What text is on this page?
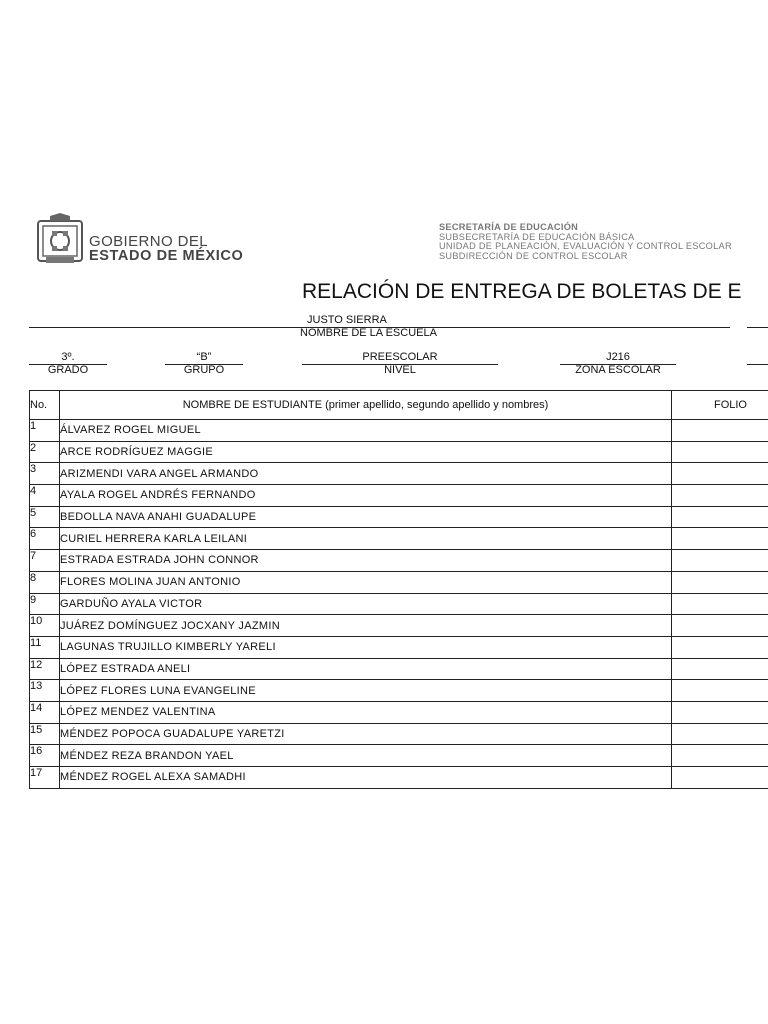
GOBIERNO DEL
ESTADO DE MÉXICO
SECRETARÍA DE EDUCACIÓN
SUBSECRETARÍA DE EDUCACIÓN BÁSICA
UNIDAD DE PLANEACIÓN, EVALUACIÓN Y CONTROL ESCOLAR
SUBDIRECCIÓN DE CONTROL ESCOLAR
RELACIÓN DE ENTREGA DE BOLETAS DE E
JUSTO SIERRA
NOMBRE DE LA ESCUELA
3º.
GRADO
“B”
GRUPO
PREESCOLAR
NIVEL
J216
ZONA ESCOLAR
No.	NOMBRE DE ESTUDIANTE (primer apellido, segundo apellido y nombres)	FOLIO
1	ÁLVAREZ ROGEL MIGUEL	
2	ARCE RODRÍGUEZ MAGGIE	
3	ARIZMENDI VARA ANGEL ARMANDO	
4	AYALA ROGEL ANDRÉS FERNANDO	
5	BEDOLLA NAVA ANAHI GUADALUPE	
6	CURIEL HERRERA KARLA LEILANI	
7	ESTRADA ESTRADA JOHN CONNOR	
8	FLORES MOLINA JUAN ANTONIO	
9	GARDUÑO AYALA VICTOR	
10	JUÁREZ DOMÍNGUEZ JOCXANY JAZMIN	
11	LAGUNAS TRUJILLO KIMBERLY YARELI	
12	LÓPEZ ESTRADA ANELI	
13	LÓPEZ FLORES LUNA EVANGELINE	
14	LÓPEZ MENDEZ VALENTINA	
15	MÉNDEZ POPOCA GUADALUPE YARETZI	
16	MÉNDEZ REZA BRANDON YAEL	
17	MÉNDEZ ROGEL ALEXA SAMADHI	
